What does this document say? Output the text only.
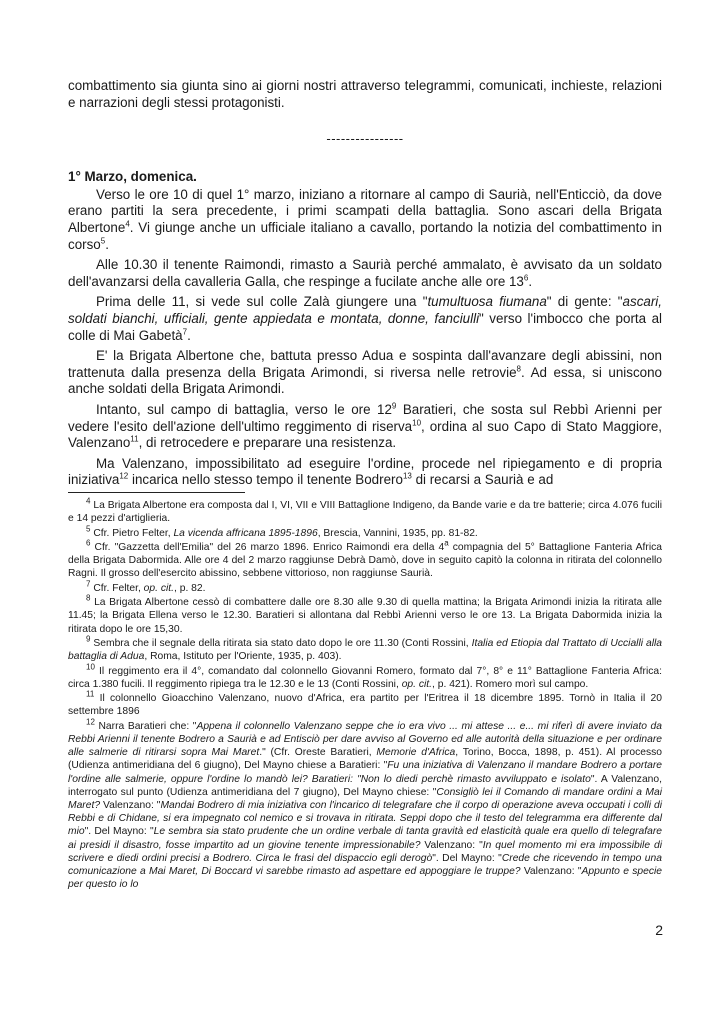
combattimento sia giunta sino ai giorni nostri attraverso telegrammi, comunicati, inchieste, relazioni e narrazioni degli stessi protagonisti.

----------------

1° Marzo, domenica.

Verso le ore 10 di quel 1° marzo, iniziano a ritornare al campo di Saurià, nell'Enticciò, da dove erano partiti la sera precedente, i primi scampati della battaglia. Sono ascari della Brigata Albertone$^4$. Vi giunge anche un ufficiale italiano a cavallo, portando la notizia del combattimento in corso$^5$.

Alle 10.30 il tenente Raimondi, rimasto a Saurià perché ammalato, è avvisato da un soldato dell'avanzarsi della cavalleria Galla, che respinge a fucilate anche alle ore $13^6$.

Prima delle 11, si vede sul colle Zalà giungere una "tumultuosa fiumana" di gente: "ascari, soldati bianchi, ufficiali, gente appiedata e montata, donne, fanciulli" verso l'imbocco che porta al colle di Mai Gabetà$^7$.

E' la Brigata Albertone che, battuta presso Adua e sospinta dall'avanzare degli abissini, non trattenuta dalla presenza della Brigata Arimondi, si riversa nelle retrovie$^8$. Ad essa, si uniscono anche soldati della Brigata Arimondi.

Intanto, sul campo di battaglia, verso le ore $12^9$ Baratieri, che sosta sul Rebbì Arienni per vedere l'esito dell'azione dell'ultimo reggimento di riserva$^{10}$, ordina al suo Capo di Stato Maggiore, Valenzano$^{11}$, di retrocedere e preparare una resistenza.

Ma Valenzano, impossibilitato ad eseguire l'ordine, procede nel ripiegamento e di propria iniziativa$^{12}$ incarica nello stesso tempo il tenente Bodrero$^{13}$ di recarsi a Saurià e ad

$^4$ La Brigata Albertone era composta dal I, VI, VII e VIII Battaglione Indigeno, da Bande varie e da tre batterie; circa 4.076 fucili e 14 pezzi d'artiglieria.

$^5$ Cfr. Pietro Felter, La vicenda affricana 1895-1896, Brescia, Vannini, 1935, pp. 81-82.

$^6$ Cfr. "Gazzetta dell'Emilia" del 26 marzo 1896. Enrico Raimondi era della 4$^a$ compagnia del 5° Battaglione Fanteria Africa della Brigata Dabormida. Alle ore 4 del 2 marzo raggiunse Debrà Damò, dove in seguito capitò la colonna in ritirata del colonnello Ragni. Il grosso dell'esercito abissino, sebbene vittorioso, non raggiunse Saurià.

$^7$ Cfr. Felter, op. cit., p. 82.

$^8$ La Brigata Albertone cessò di combattere dalle ore 8.30 alle 9.30 di quella mattina; la Brigata Arimondi inizia la ritirata alle 11.45; la Brigata Ellena verso le 12.30. Baratieri si allontana dal Rebbì Arienni verso le ore 13. La Brigata Dabormida inizia la ritirata dopo le ore 15,30.

$^9$ Sembra che il segnale della ritirata sia stato dato dopo le ore 11.30 (Conti Rossini, Italia ed Etiopia dal Trattato di Uccialli alla battaglia di Adua, Roma, Istituto per l'Oriente, 1935, p. 403).

$^{10}$ Il reggimento era il 4°, comandato dal colonnello Giovanni Romero, formato dal 7°, 8° e 11° Battaglione Fanteria Africa: circa 1.380 fucili. Il reggimento ripiega tra le 12.30 e le 13 (Conti Rossini, op. cit., p. 421). Romero morì sul campo.

$^{11}$ Il colonnello Gioacchino Valenzano, nuovo d'Africa, era partito per l'Eritrea il 18 dicembre 1895. Tornò in Italia il 20 settembre 1896

$^{12}$ Narra Baratieri che: "Appena il colonnello Valenzano seppe che io era vivo ... mi attese ... e... mi riferì di avere inviato da Rebbi Arienni il tenente Bodrero a Saurià e ad Entisciò per dare avviso al Governo ed alle autorità della situazione e per ordinare alle salmerie di ritirarsi sopra Mai Maret." (Cfr. Oreste Baratieri, Memorie d'Africa, Torino, Bocca, 1898, p. 451). Al processo (Udienza antimeridiana del 6 giugno), Del Mayno chiese a Baratieri: "Fu una iniziativa di Valenzano il mandare Bodrero a portare l'ordine alle salmerie, oppure l'ordine lo mandò lei? Baratieri: "Non lo diedi perchè rimasto avviluppato e isolato". A Valenzano, interrogato sul punto (Udienza antimeridiana del 7 giugno), Del Mayno chiese: "Consigliò lei il Comando di mandare ordini a Mai Maret? Valenzano: "Mandai Bodrero di mia iniziativa con l'incarico di telegrafare che il corpo di operazione aveva occupati i colli di Rebbi e di Chidane, si era impegnato col nemico e si trovava in ritirata. Seppi dopo che il testo del telegramma era differente dal mio". Del Mayno: "Le sembra sia stato prudente che un ordine verbale di tanta gravità ed elasticità quale era quello di telegrafare ai presidi il disastro, fosse impartito ad un giovine tenente impressionabile? Valenzano: "In quel momento mi era impossibile di scrivere e diedi ordini precisi a Bodrero. Circa le frasi del dispaccio egli derogò". Del Mayno: "Crede che ricevendo in tempo una comunicazione a Mai Maret, Di Boccard vi sarebbe rimasto ad aspettare ed appoggiare le truppe? Valenzano: "Appunto e specie per questo io lo

2
